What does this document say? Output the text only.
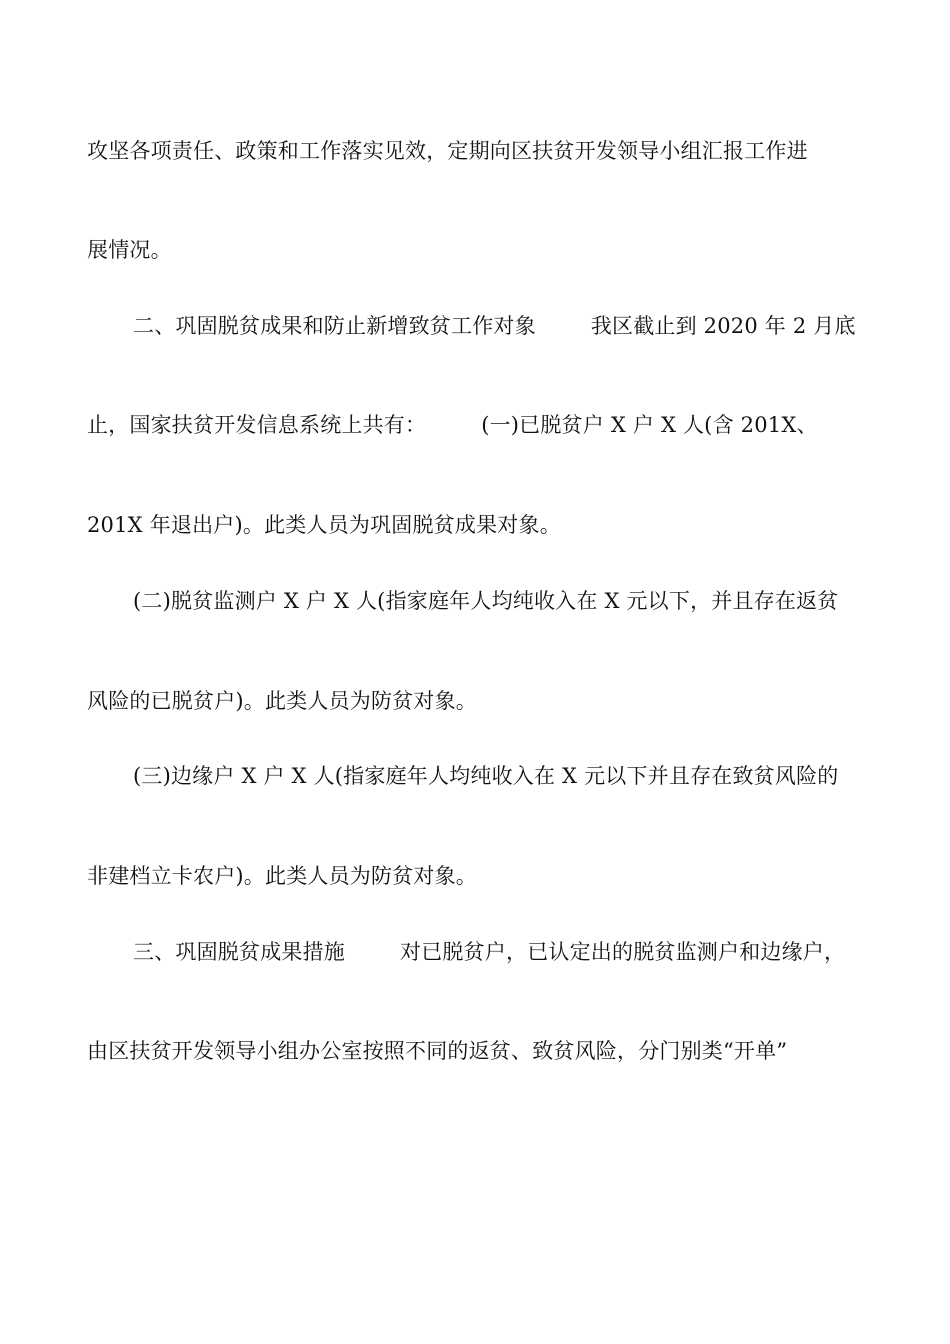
攻坚各项责任、政策和工作落实见效，定期向区扶贫开发领导小组汇报工作进
展情况。
二、巩固脱贫成果和防止新增致贫工作对象        我区截止到 2020 年 2 月底
止，国家扶贫开发信息系统上共有：        (一)已脱贫户 X 户 X 人(含 201X、
201X 年退出户)。此类人员为巩固脱贫成果对象。
(二)脱贫监测户 X 户 X 人(指家庭年人均纯收入在 X 元以下，并且存在返贫
风险的已脱贫户)。此类人员为防贫对象。
(三)边缘户 X 户 X 人(指家庭年人均纯收入在 X 元以下并且存在致贫风险的
非建档立卡农户)。此类人员为防贫对象。
三、巩固脱贫成果措施        对已脱贫户，已认定出的脱贫监测户和边缘户，
由区扶贫开发领导小组办公室按照不同的返贫、致贫风险，分门别类“开单”
